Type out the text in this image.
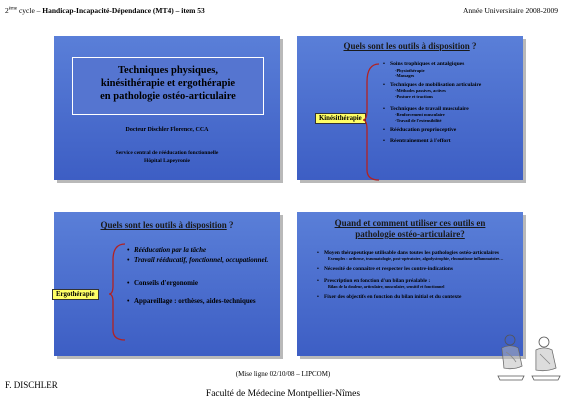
2ème cycle – Handicap-Incapacité-Dépendance (MT4) – item 53	Année Universitaire 2008-2009
Techniques physiques,
kinésithérapie et ergothérapie
en pathologie ostéo-articulaire
Docteur Dischler Florence, CCA
Service central de rééducation fonctionnelle
Hôpital Lapeyronie
Quels sont les outils à disposition ?
Kinésithérapie
• Soins trophiques et antalgiques
-Physiothérapie
-Massages
• Techniques de mobilisation articulaire
-Méthodes passives, actives
-Posture et tractions
• Techniques de travail musculaire
-Renforcement musculaire
-Travail de l'extensibilité
• Rééducation proprioceptive
• Réentrainement à l'effort
Quels sont les outils à disposition ?
Ergothérapie
• Rééducation par la tâche
• Travail rééducatif, fonctionnel, occupationnel.
• Conseils d'ergonomie
• Appareillage : orthèses, aides-techniques
Quand et comment utiliser ces outils en
pathologie ostéo-articulaire?
• Moyen thérapeutique utilisable dans toutes les pathologies ostéo-articulaires
Exemples : arthrose, traumatologie, post-opératoire, algodystrophie, rhumatisme inflammatoire…
• Nécessité de connaître et respecter les contre-indications
• Prescription en fonction d'un bilan préalable :
Bilan de la douleur, articulaire, musculaire, sensitif et fonctionnel
• Fixer des objectifs en fonction du bilan initial et du contexte
(Mise ligne 02/10/08 – LIPCOM)
F. DISCHLER
Faculté de Médecine Montpellier-Nîmes
